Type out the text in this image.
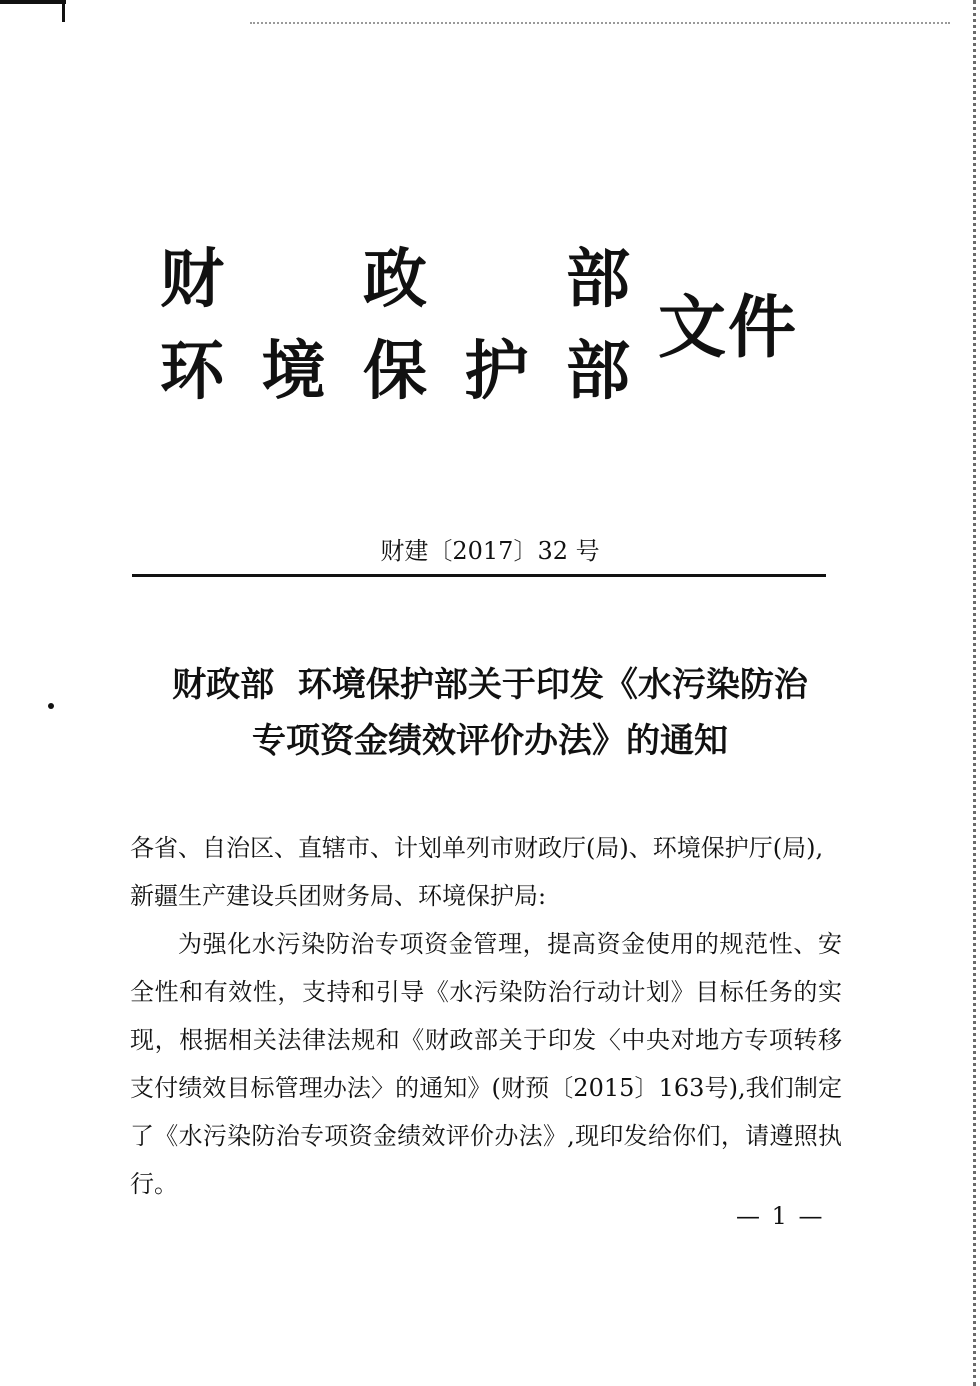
财 政 部
环 境 保 护 部
文件
财建〔2017〕32 号
财政部  环境保护部关于印发《水污染防治
专项资金绩效评价办法》的通知

各省、自治区、直辖市、计划单列市财政厅(局)、环境保护厅(局),

新疆生产建设兵团财务局、环境保护局:

为强化水污染防治专项资金管理，提高资金使用的规范性、安全性和有效性，支持和引导《水污染防治行动计划》目标任务的实现，根据相关法律法规和《财政部关于印发〈中央对地方专项转移支付绩效目标管理办法〉的通知》(财预〔2015〕163号),我们制定了《水污染防治专项资金绩效评价办法》,现印发给你们，请遵照执行。

— 1 —
